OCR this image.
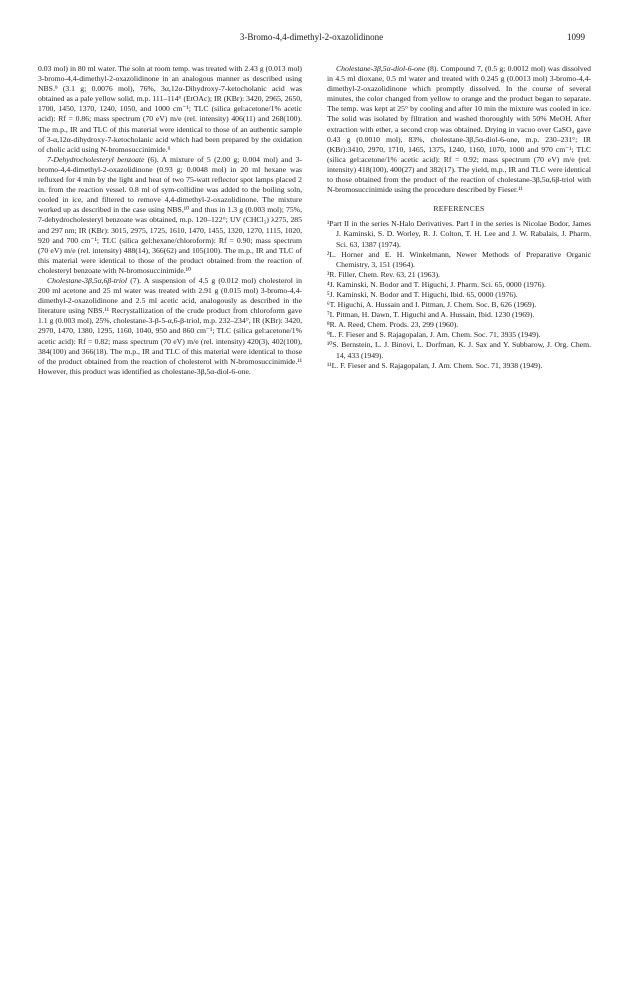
3-Bromo-4,4-dimethyl-2-oxazolidinone	1099

0.03 mol) in 80 ml water. The soln at room temp. was treated with 2.43 g (0.013 mol) 3-bromo-4,4-dimethyl-2-oxazolidinone in an analogous manner as described using NBS.⁹ (3.1 g; 0.0076 mol), 76%, 3α,12α-Dihydroxy-7-ketocholanic acid was obtained as a pale yellow solid, m.p. 111–114° (EtOAc); IR (KBr): 3420, 2965, 2650, 1700, 1450, 1370, 1240, 1050, and 1000 cm⁻¹; TLC (silica gel:acetone/1% acetic acid): Rf = 0.86; mass spectrum (70 eV) m/e (rel. intensity) 406(11) and 268(100). The m.p., IR and TLC of this material were identical to those of an authentic sample of 3-α,12α-dihydroxy-7-ketocholanic acid which had been prepared by the oxidation of cholic acid using N-bromosuccinimide.⁹

7-Dehydrocholesteryl benzoate (6). A mixture of 5 (2.00 g; 0.004 mol) and 3-bromo-4,4-dimethyl-2-oxazolidinone (0.93 g; 0.0048 mol) in 20 ml hexane was refluxed for 4 min by the light and heat of two 75-watt reflector spot lamps placed 2 in. from the reaction vessel. 0.8 ml of sym-collidine was added to the boiling soln, cooled in ice, and filtered to remove 4,4-dimethyl-2-oxazolidinone. The mixture worked up as described in the case using NBS,¹⁰ and thus in 1.3 g (0.003 mol); 75%, 7-dehydrocholesteryl benzoate was obtained, m.p. 120–122°; UV (CHCl₃) λ275, 285 and 297 nm; IR (KBr): 3015, 2975, 1725, 1610, 1470, 1455, 1320, 1270, 1115, 1020, 920 and 700 cm⁻¹; TLC (silica gel:hexane/chloroform): Rf = 0.90; mass spectrum (70 eV) m/e (rel. intensity) 488(14), 366(62) and 105(100). The m.p., IR and TLC of this material were identical to those of the product obtained from the reaction of cholesteryl benzoate with N-bromosuccinimide.¹⁰

Cholestane-3β,5α,6β-triol (7). A suspension of 4.5 g (0.012 mol) cholesterol in 200 ml acetone and 25 ml water was treated with 2.91 g (0.015 mol) 3-bromo-4,4-dimethyl-2-oxazolidinone and 2.5 ml acetic acid, analogously as described in the literature using NBS.¹¹ Recrystallization of the crude product from chloroform gave 1.1 g (0.003 mol), 25%, cholestane-3-β-5-α,6-β-triol, m.p. 232–234°, IR (KBr): 3420, 2970, 1470, 1380, 1295, 1160, 1040, 950 and 860 cm⁻¹; TLC (silica gel:acetone/1% acetic acid): Rf = 0.82; mass spectrum (70 eV) m/e (rel. intensity) 420(3), 402(100), 384(100) and 366(18). The m.p., IR and TLC of this material were identical to those of the product obtained from the reaction of cholesterol with N-bromosuccinimide.¹¹ However, this product was identified as cholestane-3β,5α-diol-6-one.

Cholestane-3β,5α-diol-6-one (8). Compound 7, (0.5 g; 0.0012 mol) was dissolved in 4.5 ml dioxane, 0.5 ml water and treated with 0.245 g (0.0013 mol) 3-bromo-4,4-dimethyl-2-oxazolidinone which promptly dissolved. In the course of several minutes, the color changed from yellow to orange and the product began to separate. The temp. was kept at 25° by cooling and after 10 min the mixture was cooled in ice. The solid was isolated by filtration and washed thoroughly with 50% MeOH. After extraction with ether, a second crop was obtained. Drying in vacuo over CaSO₄ gave 0.43 g (0.0010 mol), 83%, cholestane-3β,5α-diol-6-one, m.p. 230–231°; IR (KBr):3410, 2970, 1710, 1465, 1375, 1240, 1160, 1070, 1000 and 970 cm⁻¹; TLC (silica gel:acetone/1% acetic acid): Rf = 0.92; mass spectrum (70 eV) m/e (rel. intensity) 418(100), 400(27) and 382(17). The yield, m.p., IR and TLC were identical to those obtained from the product of the reaction of cholestane-3β,5α,6β-triol with N-bromosuccinimide using the procedure described by Fieser.¹¹

REFERENCES

¹Part II in the series N-Halo Derivatives. Part I in the series is Nicolae Bodor, James J. Kaminski, S. D. Worley, R. J. Colton, T. H. Lee and J. W. Rabalais, J. Pharm. Sci. 63, 1387 (1974).

²L. Horner and E. H. Winkelmann, Newer Methods of Preparative Organic Chemistry, 3, 151 (1964).

³R. Filler, Chem. Rev. 63, 21 (1963).

⁴J. Kaminski, N. Bodor and T. Higuchi, J. Pharm. Sci. 65, 0000 (1976).

⁵J. Kaminski, N. Bodor and T. Higuchi, Ibid. 65, 0000 (1976).

⁶T. Higuchi, A. Hussain and I. Pitman, J. Chem. Soc. B, 626 (1969).

⁷I. Pitman, H. Dawn, T. Higuchi and A. Hussain, Ibid. 1230 (1969).

⁸R. A. Reed, Chem. Prods. 23, 299 (1960).

⁹L. F. Fieser and S. Rajagopalan, J. Am. Chem. Soc. 71, 3935 (1949).

¹⁰S. Bernstein, L. J. Binovi, L. Dorfman, K. J. Sax and Y. Subbarow, J. Org. Chem. 14, 433 (1949).

¹¹L. F. Fieser and S. Rajagopalan, J. Am. Chem. Soc. 71, 3938 (1949).
